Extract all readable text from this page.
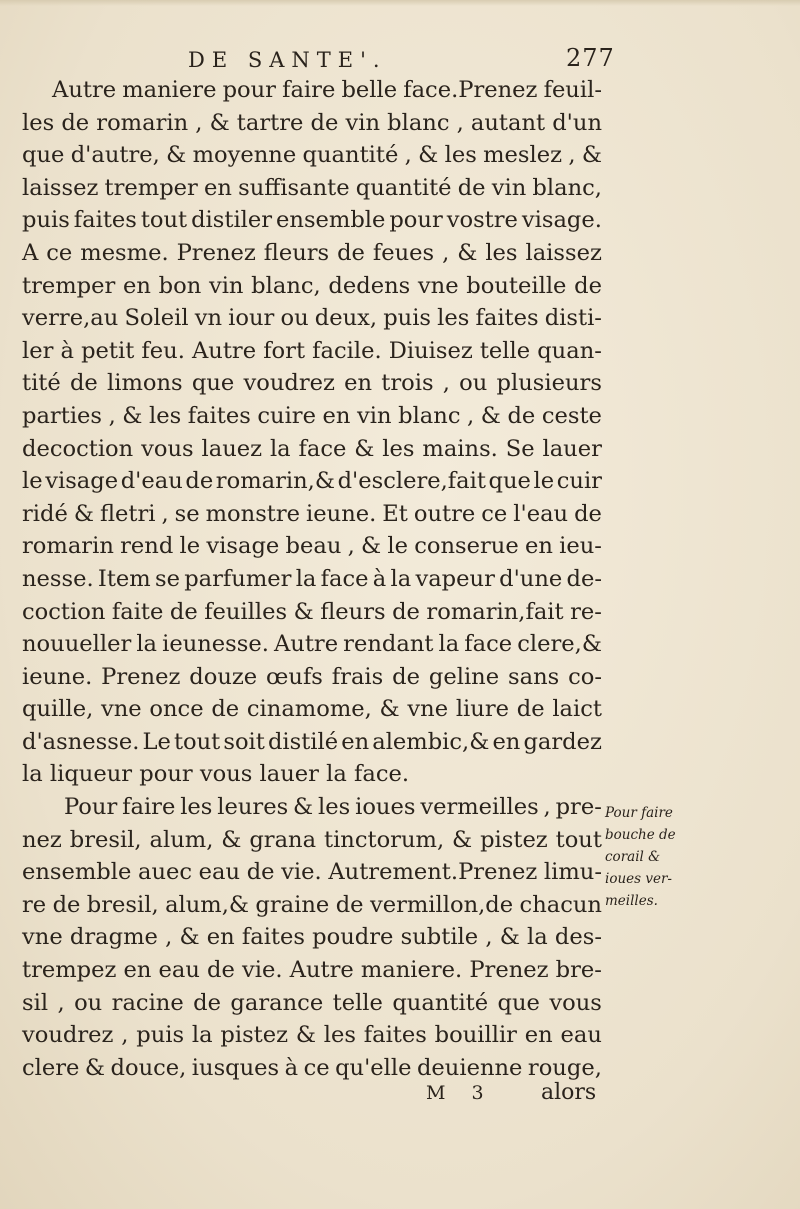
DE SANTE'.	277
Autre maniere pour faire belle face.Prenez feuil-
les de romarin , & tartre de vin blanc , autant d'un
que d'autre, & moyenne quantité , & les meslez , &
laissez tremper en suffisante quantité de vin blanc,
puis faites tout distiler ensemble pour vostre visage.
A ce mesme. Prenez fleurs de feues , & les laissez
tremper en bon vin blanc, dedens vne bouteille de
verre,au Soleil vn iour ou deux, puis les faites disti-
ler à petit feu. Autre fort facile. Diuisez telle quan-
tité de limons que voudrez en trois , ou plusieurs
parties , & les faites cuire en vin blanc , & de ceste
decoction vous lauez la face & les mains. Se lauer
le visage d'eau de romarin,& d'esclere,fait que le cuir
ridé & fletri , se monstre ieune. Et outre ce l'eau de
romarin rend le visage beau , & le conserue en ieu-
nesse. Item se parfumer la face à la vapeur d'une de-
coction faite de feuilles & fleurs de romarin,fait re-
nouueller la ieunesse. Autre rendant la face clere,&
ieune. Prenez douze œufs frais de geline sans co-
quille, vne once de cinamome, & vne liure de laict
d'asnesse. Le tout soit distilé en alembic,& en gardez
la liqueur pour vous lauer la face.
Pour faire les leures & les ioues vermeilles , pre-
nez bresil, alum, & grana tinctorum, & pistez tout
ensemble auec eau de vie. Autrement.Prenez limu-
re de bresil, alum,& graine de vermillon,de chacun
vne dragme , & en faites poudre subtile , & la des-
trempez en eau de vie. Autre maniere. Prenez bre-
sil , ou racine de garance telle quantité que vous
voudrez , puis la pistez & les faites bouillir en eau
clere & douce, iusques à ce qu'elle deuienne rouge,
Pour faire
bouche de
corail &
ioues ver-
meilles.
M 3 alors
